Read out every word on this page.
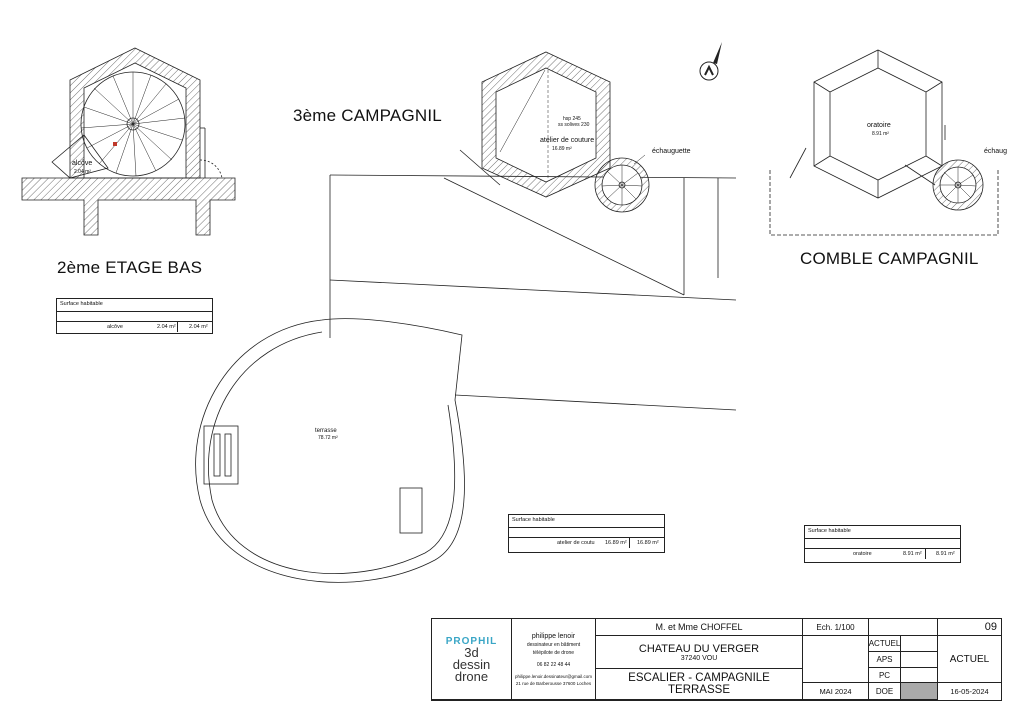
2ème ETAGE BAS
3ème CAMPAGNIL
COMBLE CAMPAGNIL
alcôve
2.04 m²
atelier de couture
16.89 m²
hsp 245
ss solives 230
échauguette
oratoire
8.91 m²
échaug
terrasse
78.72 m²
Surface habitable
alcôve	2.04 m² 2.04 m²
Surface habitable
atelier de coutu 16.89 m² 16.89 m²
Surface habitable
oratoire	8.91 m²	8.91 m²
PROPHIL
3d
dessin
drone
philippe lenoir
dessinateur en bâtiment
télépilote de drone
06 82 22 48 44
philippe.lenoir.dessinateur@gmail.com
21 rue de Barberousse 37600 Loches
M. et Mme CHOFFEL
CHATEAU DU VERGER
37240 VOU
ESCALIER - CAMPAGNILE
TERRASSE
Ech. 1/100
MAI 2024
ACTUEL
APS
PC
DOE
09
ACTUEL
16-05-2024
